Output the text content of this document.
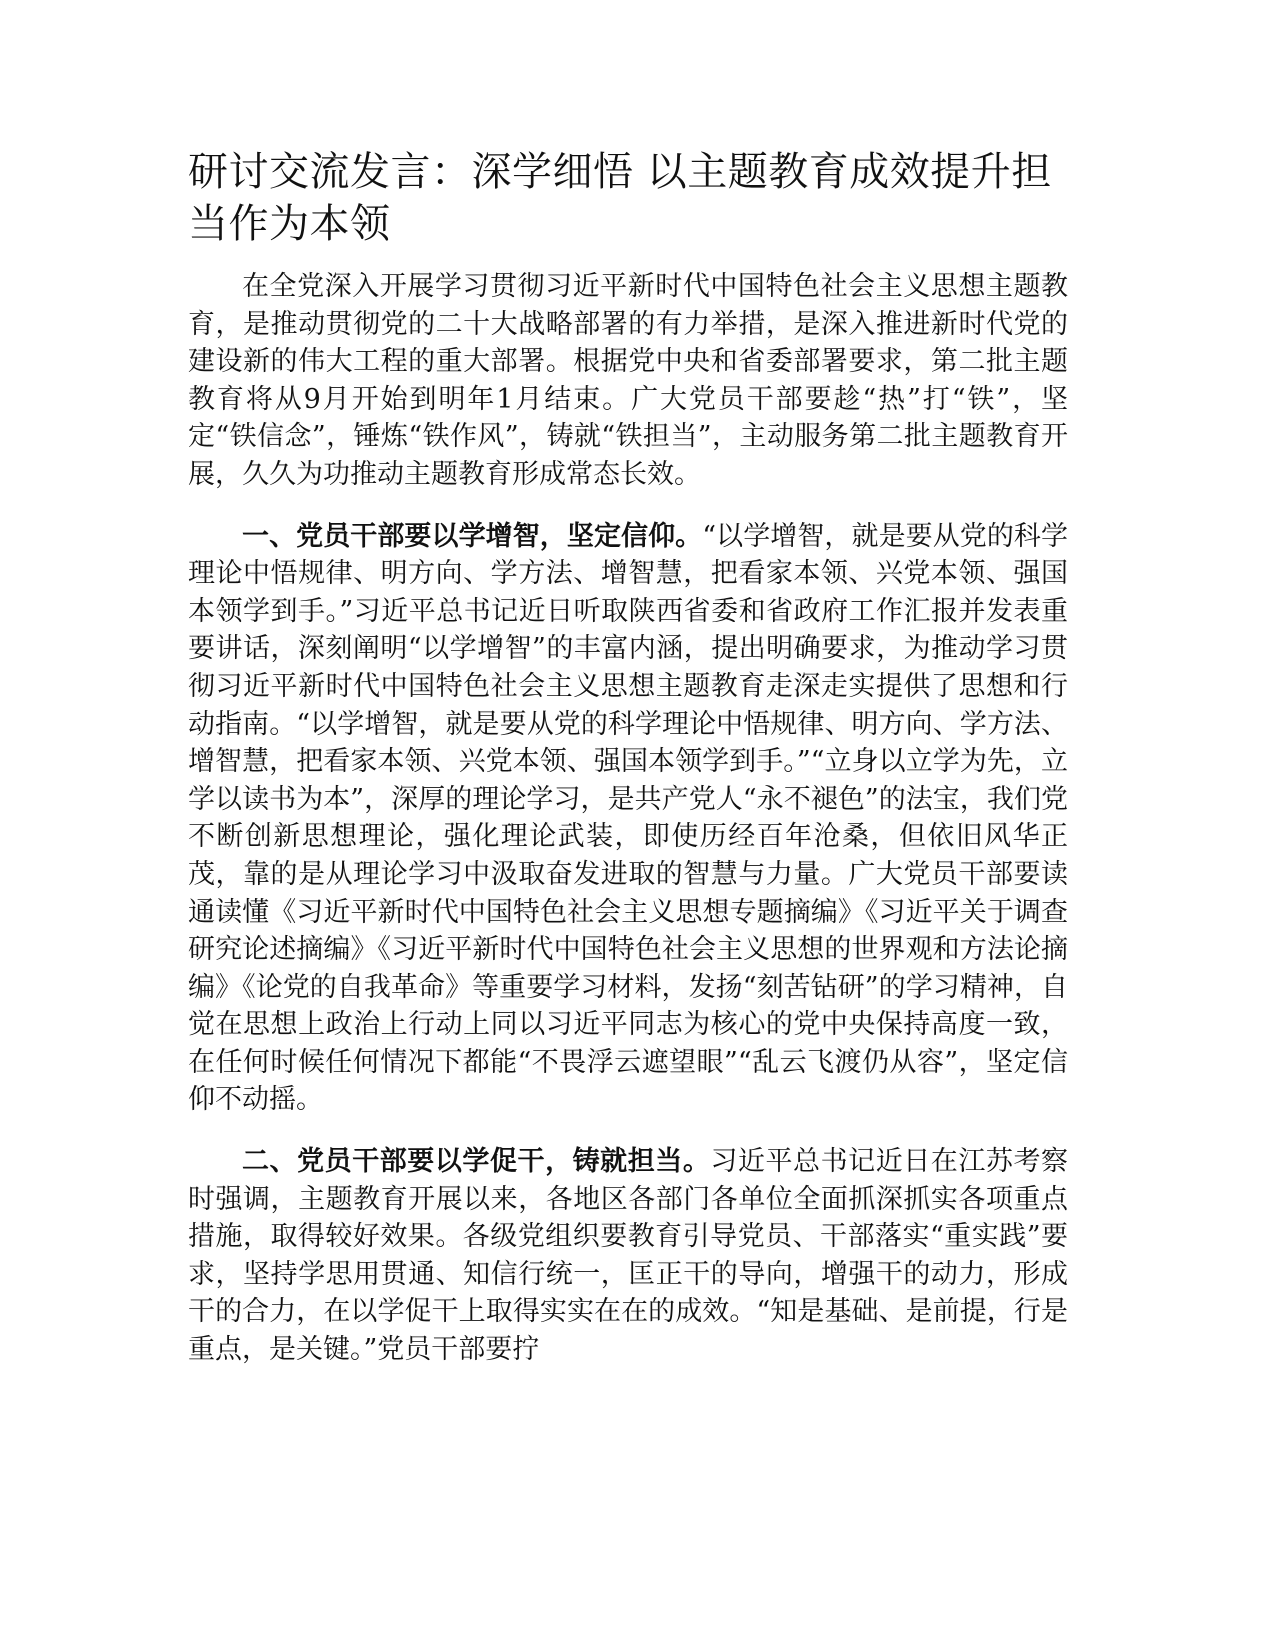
研讨交流发言：深学细悟 以主题教育成效提升担当作为本领

在全党深入开展学习贯彻习近平新时代中国特色社会主义思想主题教育，是推动贯彻党的二十大战略部署的有力举措，是深入推进新时代党的建设新的伟大工程的重大部署。根据党中央和省委部署要求，第二批主题教育将从9月开始到明年1月结束。广大党员干部要趁“热”打“铁”，坚定“铁信念”，锤炼“铁作风”，铸就“铁担当”，主动服务第二批主题教育开展，久久为功推动主题教育形成常态长效。

一、党员干部要以学增智，坚定信仰。“以学增智，就是要从党的科学理论中悟规律、明方向、学方法、增智慧，把看家本领、兴党本领、强国本领学到手。”习近平总书记近日听取陕西省委和省政府工作汇报并发表重要讲话，深刻阐明“以学增智”的丰富内涵，提出明确要求，为推动学习贯彻习近平新时代中国特色社会主义思想主题教育走深走实提供了思想和行动指南。“以学增智，就是要从党的科学理论中悟规律、明方向、学方法、增智慧，把看家本领、兴党本领、强国本领学到手。”“立身以立学为先，立学以读书为本”，深厚的理论学习，是共产党人“永不褪色”的法宝，我们党不断创新思想理论，强化理论武装，即使历经百年沧桑，但依旧风华正茂，靠的是从理论学习中汲取奋发进取的智慧与力量。广大党员干部要读通读懂《习近平新时代中国特色社会主义思想专题摘编》《习近平关于调查研究论述摘编》《习近平新时代中国特色社会主义思想的世界观和方法论摘编》《论党的自我革命》等重要学习材料，发扬“刻苦钻研”的学习精神，自觉在思想上政治上行动上同以习近平同志为核心的党中央保持高度一致，在任何时候任何情况下都能“不畏浮云遮望眼”“乱云飞渡仍从容”，坚定信仰不动摇。

二、党员干部要以学促干，铸就担当。习近平总书记近日在江苏考察时强调，主题教育开展以来，各地区各部门各单位全面抓深抓实各项重点措施，取得较好效果。各级党组织要教育引导党员、干部落实“重实践”要求，坚持学思用贯通、知信行统一，匡正干的导向，增强干的动力，形成干的合力，在以学促干上取得实实在在的成效。“知是基础、是前提，行是重点，是关键。”党员干部要拧
